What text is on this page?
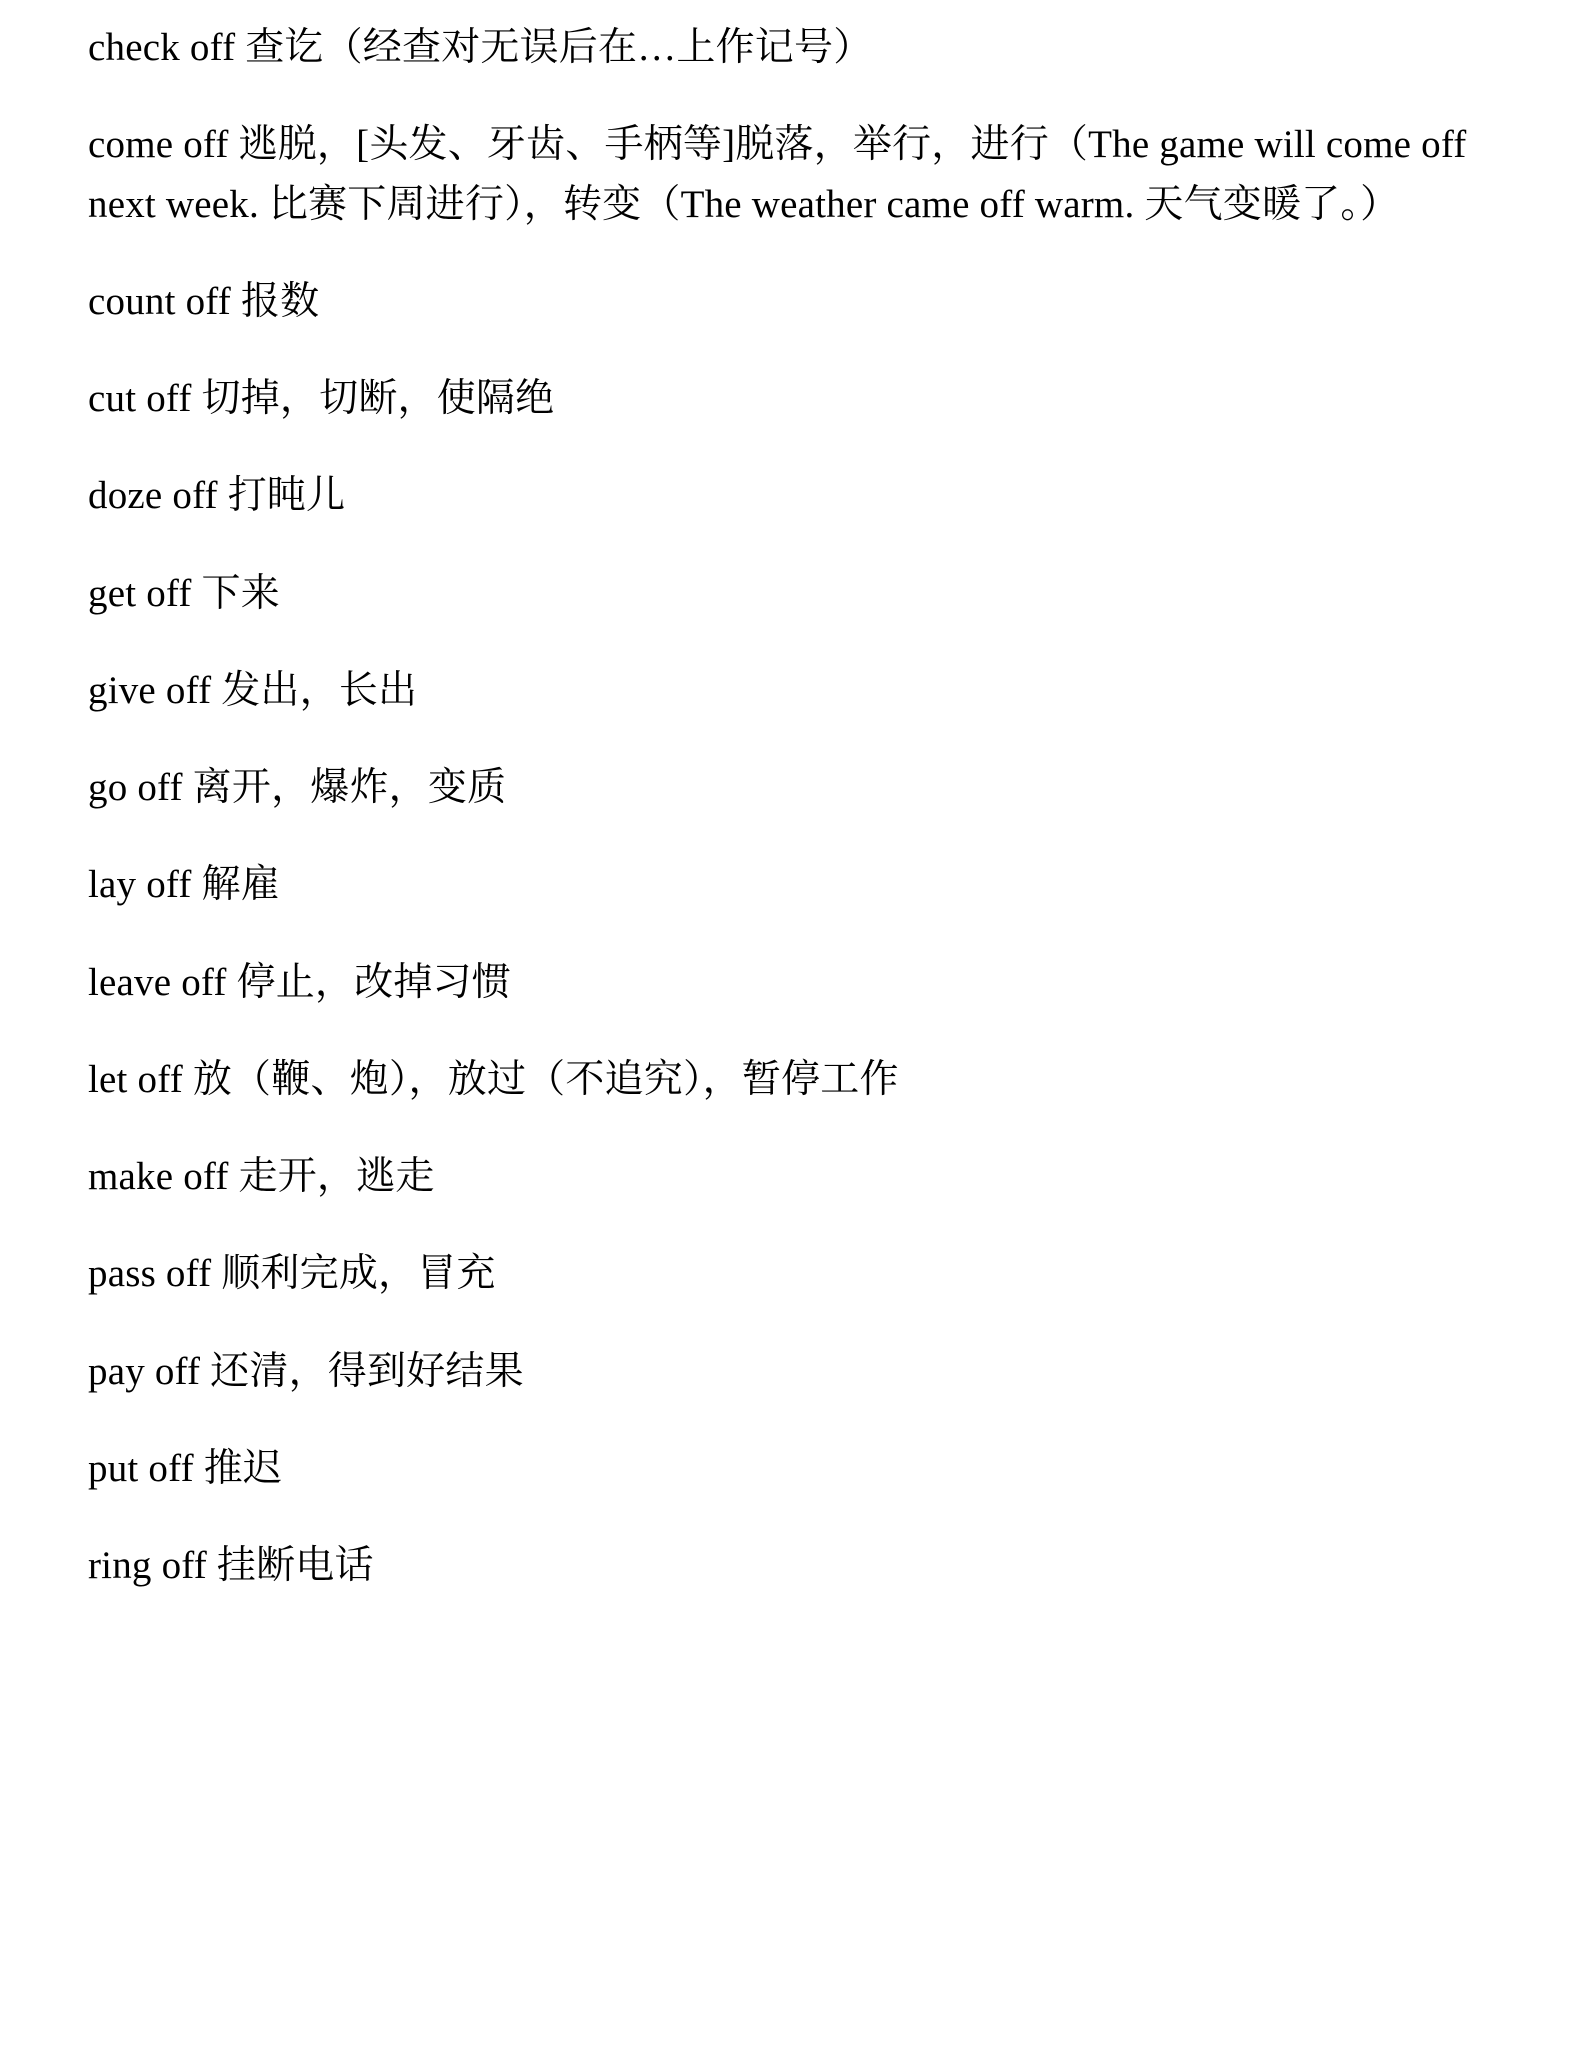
check off 查讫（经查对无误后在…上作记号）

come off 逃脱，[头发、牙齿、手柄等]脱落，举行，进行（The game will come off next week. 比赛下周进行），转变（The weather came off warm. 天气变暖了。）

count off 报数

cut off 切掉，切断，使隔绝

doze off 打盹儿

get off 下来

give off 发出，长出

go off 离开，爆炸，变质

lay off 解雇

leave off 停止，改掉习惯

let off 放（鞭、炮），放过（不追究），暂停工作

make off 走开，逃走

pass off 顺利完成，冒充

pay off 还清，得到好结果

put off 推迟

ring off 挂断电话
